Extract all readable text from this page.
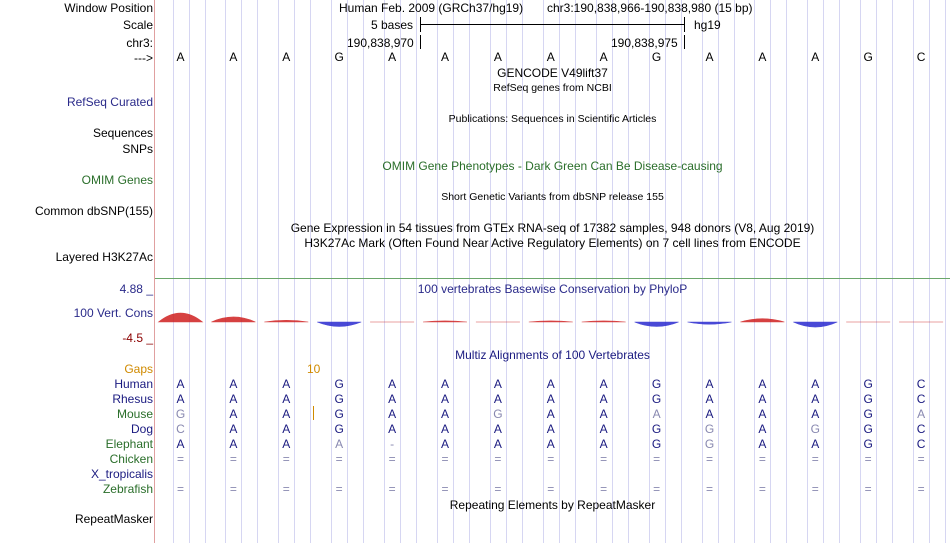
Window Position
Scale
chr3:
--->
Human Feb. 2009 (GRCh37/hg19) chr3:190,838,966-190,838,980 (15 bp)
5 bases	hg19
190,838,970	190,838,975
A	A	A	G	A	A	A	A	A	G	A	A	A	G	C
GENCODE V49lift37
RefSeq genes from NCBI
RefSeq Curated
Publications: Sequences in Scientific Articles
Sequences
SNPs
OMIM Gene Phenotypes - Dark Green Can Be Disease-causing
OMIM Genes
Short Genetic Variants from dbSNP release 155
Common dbSNP(155)
Gene Expression in 54 tissues from GTEx RNA-seq of 17382 samples, 948 donors (V8, Aug 2019)
H3K27Ac Mark (Often Found Near Active Regulatory Elements) on 7 cell lines from ENCODE
Layered H3K27Ac
4.88 _	100 vertebrates Basewise Conservation by PhyloP
100 Vert. Cons
-4.5 _
Multiz Alignments of 100 Vertebrates
Gaps	10
Human	A	A	A	G	A	A	A	A	A	G	A	A	A	G	C
Rhesus	A	A	A	G	A	A	A	A	A	G	A	A	A	G	C
Mouse	G	A	A	G	A	A	G	A	A	A	A	A	A	G	A
Dog	C	A	A	G	A	A	A	A	A	G	G	A	G	G	C
Elephant	A	A	A	A	-	A	A	A	A	G	G	A	A	G	C
Chicken	=	=	=	=	=	=	=	=	=	=	=	=	=	=	=
X_tropicalis
Zebrafish	=	=	=	=	=	=	=	=	=	=	=	=	=	=	=
Repeating Elements by RepeatMasker
RepeatMasker
